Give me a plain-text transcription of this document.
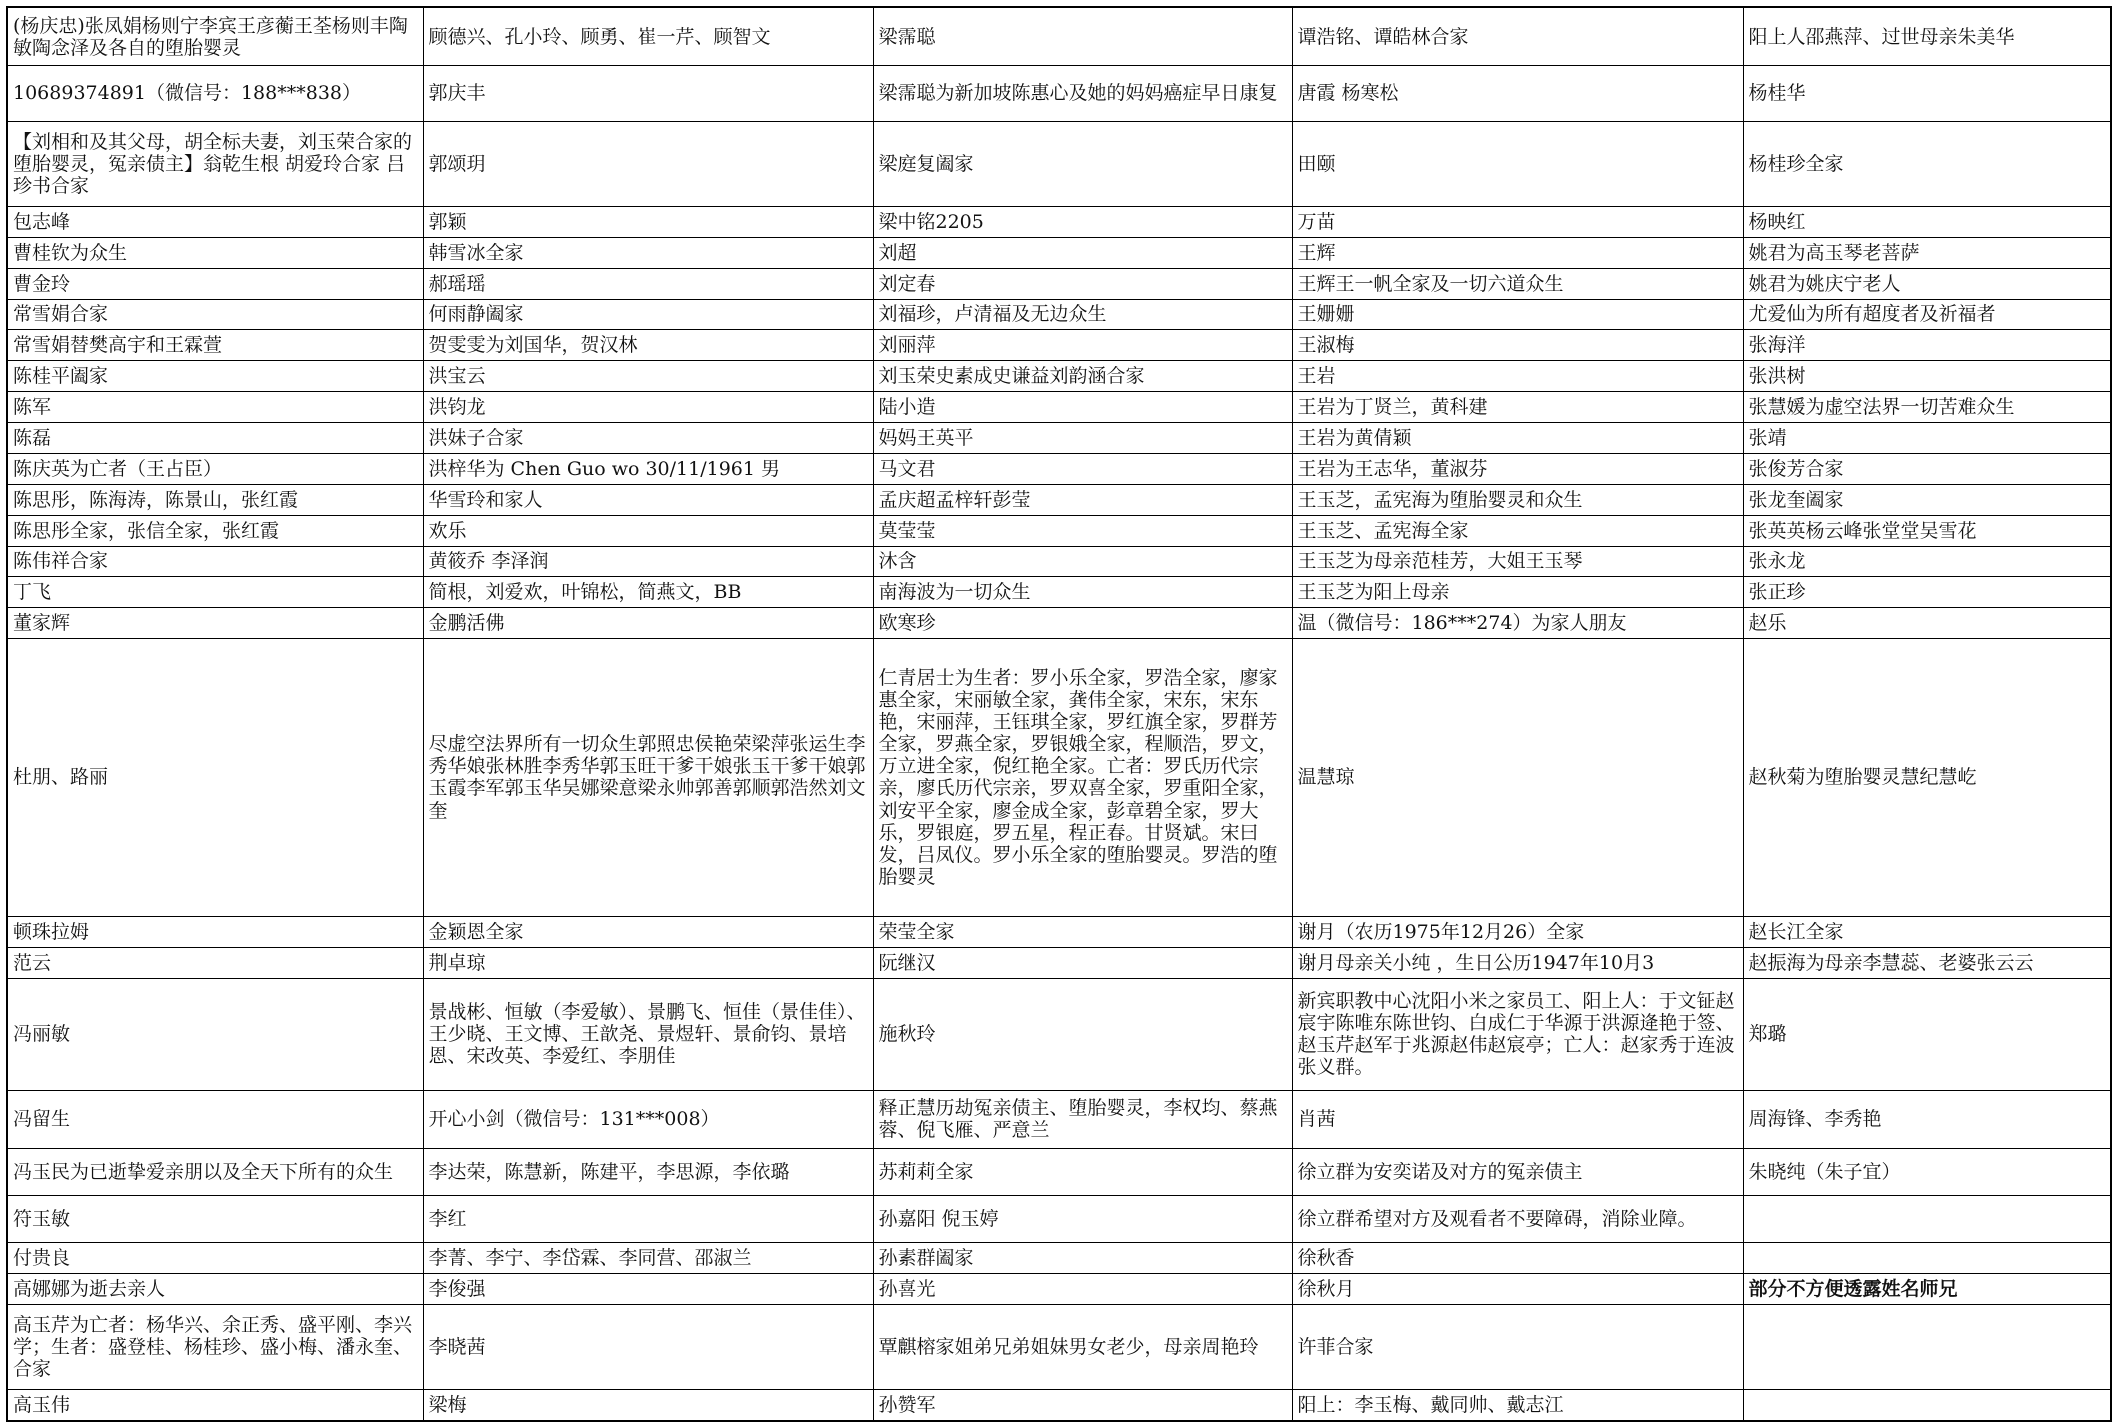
(杨庆忠)张凤娟杨则宁李宾王彦蘅王荃杨则丰陶敏陶念泽及各自的堕胎婴灵	顾德兴、孔小玲、顾勇、崔一芹、顾智文	梁霈聪	谭浩铭、谭皓林合家	阳上人邵燕萍、过世母亲朱美华
10689374891（微信号：188***838）	郭庆丰	梁霈聪为新加坡陈惠心及她的妈妈癌症早日康复	唐霞 杨寒松	杨桂华
【刘相和及其父母，胡全标夫妻，刘玉荣合家的堕胎婴灵，冤亲债主】翁乾生根 胡爱玲合家 吕珍书合家	郭颂玥	梁庭复阖家	田颐	杨桂珍全家
包志峰	郭颖	梁中铭2205	万苗	杨映红
曹桂钦为众生	韩雪冰全家	刘超	王辉	姚君为高玉琴老菩萨
曹金玲	郝瑶瑶	刘定春	王辉王一帆全家及一切六道众生	姚君为姚庆宁老人
常雪娟合家	何雨静阖家	刘福珍，卢清福及无边众生	王姗姗	尤爱仙为所有超度者及祈福者
常雪娟替樊高宇和王霖萱	贺雯雯为刘国华，贺汉林	刘丽萍	王淑梅	张海洋
陈桂平阖家	洪宝云	刘玉荣史素成史谦益刘韵涵合家	王岩	张洪树
陈军	洪钧龙	陆小造	王岩为丁贤兰，黄科建	张慧媛为虚空法界一切苦难众生
陈磊	洪妹子合家	妈妈王英平	王岩为黄倩颖	张靖
陈庆英为亡者（王占臣）	洪梓华为 Chen Guo wo 30/11/1961 男	马文君	王岩为王志华，董淑芬	张俊芳合家
陈思彤，陈海涛，陈景山，张红霞	华雪玲和家人	孟庆超孟梓轩彭莹	王玉芝，孟宪海为堕胎婴灵和众生	张龙奎阖家
陈思彤全家，张信全家，张红霞	欢乐	莫莹莹	王玉芝、孟宪海全家	张英英杨云峰张堂堂吴雪花
陈伟祥合家	黄筱乔 李泽润	沐含	王玉芝为母亲范桂芳，大姐王玉琴	张永龙
丁飞	简根，刘爱欢，叶锦松，简燕文，BB	南海波为一切众生	王玉芝为阳上母亲	张正珍
董家辉	金鹏活佛	欧寒珍	温（微信号：186***274）为家人朋友	赵乐
杜朋、路丽	尽虚空法界所有一切众生郭照忠侯艳荣梁萍张运生李秀华娘张林胜李秀华郭玉旺干爹干娘张玉干爹干娘郭玉霞李军郭玉华吴娜梁意梁永帅郭善郭顺郭浩然刘文奎	仁青居士为生者：罗小乐全家，罗浩全家，廖家惠全家，宋丽敏全家，龚伟全家，宋东，宋东艳，宋丽萍，王钰琪全家，罗红旗全家，罗群芳全家，罗燕全家，罗银娥全家，程顺浩，罗文，万立进全家，倪红艳全家。亡者：罗氏历代宗亲，廖氏历代宗亲，罗双喜全家，罗重阳全家，刘安平全家，廖金成全家，彭章碧全家，罗大乐，罗银庭，罗五星，程正春。甘贤斌。宋曰发，吕凤仪。罗小乐全家的堕胎婴灵。罗浩的堕胎婴灵	温慧琼	赵秋菊为堕胎婴灵慧纪慧屹
顿珠拉姆	金颖恩全家	荣莹全家	谢月（农历1975年12月26）全家	赵长江全家
范云	荆卓琼	阮继汉	谢月母亲关小纯 ，生日公历1947年10月3	赵振海为母亲李慧蕊、老婆张云云
冯丽敏	景战彬、恒敏（李爱敏）、景鹏飞、恒佳（景佳佳）、王少晓、王文博、王歆尧、景煜轩、景俞钧、景培恩、宋改英、李爱红、李朋佳	施秋玲	新宾职教中心沈阳小米之家员工、阳上人：于文钲赵宸宇陈唯东陈世钧、白成仁于华源于洪源逄艳于签、赵玉芹赵军于兆源赵伟赵宸亭；亡人：赵家秀于连波张义群。	郑璐
冯留生	开心小剑（微信号：131***008）	释正慧历劫冤亲债主、堕胎婴灵，李权均、蔡燕蓉、倪飞雁、严意兰	肖茜	周海锋、李秀艳
冯玉民为已逝挚爱亲朋以及全天下所有的众生	李达荣，陈慧新，陈建平，李思源，李依璐	苏莉莉全家	徐立群为安奕诺及对方的冤亲债主	朱晓纯（朱子宜）
符玉敏	李红	孙嘉阳 倪玉婷	徐立群希望对方及观看者不要障碍，消除业障。	
付贵良	李菁、李宁、李岱霖、李同营、邵淑兰	孙素群阖家	徐秋香	
高娜娜为逝去亲人	李俊强	孙喜光	徐秋月	部分不方便透露姓名师兄
高玉芹为亡者：杨华兴、余正秀、盛平刚、李兴学；生者：盛登桂、杨桂珍、盛小梅、潘永奎、 合家	李晓茜	覃麒榕家姐弟兄弟姐妹男女老少，母亲周艳玲	许菲合家	
高玉伟	梁梅	孙赞军	阳上：李玉梅、戴同帅、戴志江	
